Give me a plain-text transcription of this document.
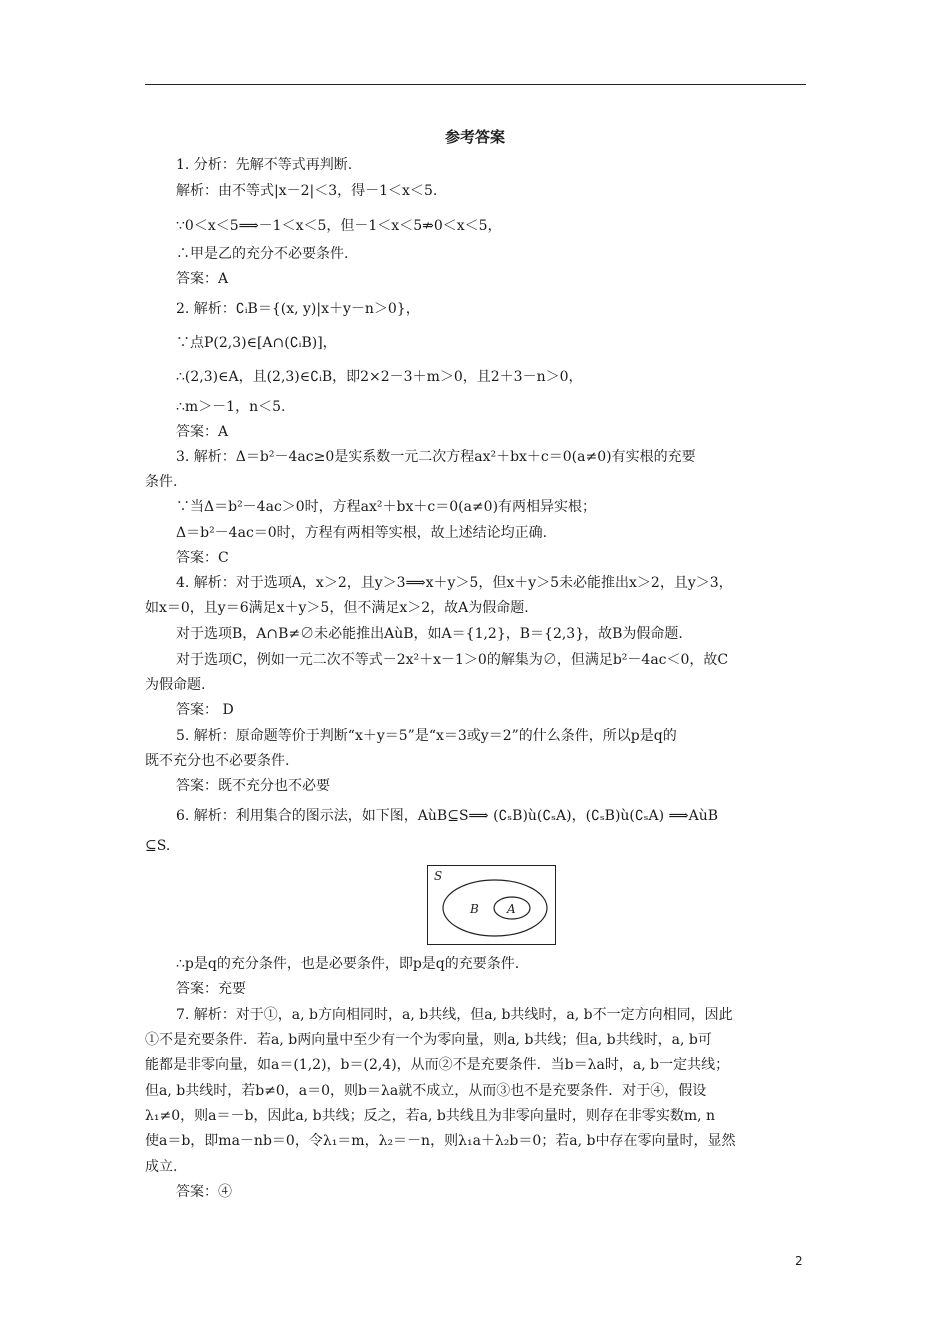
参考答案
1. 分析：先解不等式再判断.
解析：由不等式|x－2|＜3，得－1＜x＜5.
∵0＜x＜5⟹－1＜x＜5，但－1＜x＜5⇏0＜x＜5，
∴甲是乙的充分不必要条件.
答案：A
2. 解析：∁ᵢB＝{(x, y)|x＋y－n＞0}，
∵点P(2,3)∈[A∩(∁ᵢB)]，
∴(2,3)∈A，且(2,3)∈∁ᵢB，即2×2－3＋m＞0，且2＋3－n＞0，
∴m＞－1，n＜5.
答案：A
3. 解析：Δ＝b²－4ac≥0是实系数一元二次方程ax²＋bx＋c＝0(a≠0)有实根的充要
条件.
∵当Δ＝b²－4ac＞0时，方程ax²＋bx＋c＝0(a≠0)有两相异实根；
Δ＝b²－4ac＝0时，方程有两相等实根，故上述结论均正确.
答案：C
4. 解析：对于选项A，x＞2，且y＞3⟹x＋y＞5，但x＋y＞5未必能推出x＞2，且y＞3，
如x＝0，且y＝6满足x＋y＞5，但不满足x＞2，故A为假命题.
对于选项B，A∩B≠∅未必能推出AùB，如A＝{1,2}，B＝{2,3}，故B为假命题.
对于选项C，例如一元二次不等式－2x²＋x－1＞0的解集为∅，但满足b²－4ac＜0，故C
为假命题.
答案： D
5. 解析：原命题等价于判断“x＋y＝5”是“x＝3或y＝2”的什么条件，所以p是q的
既不充分也不必要条件.
答案：既不充分也不必要
6. 解析：利用集合的图示法，如下图，AùB⊆S⟹ (∁ₛB)ù(∁ₛA)，(∁ₛB)ù(∁ₛA) ⟹AùB
⊆S.
S
B A
∴p是q的充分条件，也是必要条件，即p是q的充要条件.
答案：充要
7. 解析：对于①，a, b方向相同时，a, b共线，但a, b共线时，a, b不一定方向相同，因此
①不是充要条件．若a, b两向量中至少有一个为零向量，则a, b共线；但a, b共线时，a, b可
能都是非零向量，如a＝(1,2)，b＝(2,4)，从而②不是充要条件．当b＝λa时，a, b一定共线；
但a, b共线时，若b≠0，a＝0，则b＝λa就不成立，从而③也不是充要条件．对于④，假设
λ₁≠0，则a＝－b，因此a, b共线；反之，若a, b共线且为非零向量时，则存在非零实数m, n
使a＝b，即ma－nb＝0，令λ₁＝m，λ₂＝－n，则λ₁a＋λ₂b＝0；若a, b中存在零向量时，显然
成立.
答案：④
2
